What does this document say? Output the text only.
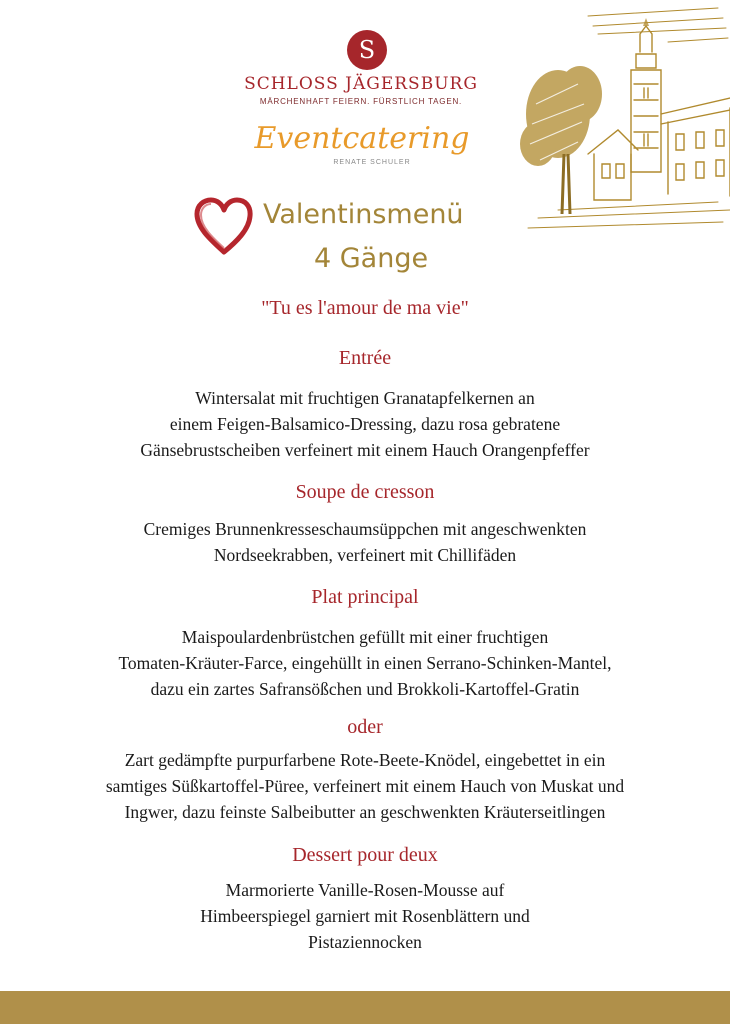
S
SCHLOSS JÄGERSBURG
MÄRCHENHAFT FEIERN. FÜRSTLICH TAGEN.
Eventcatering
RENATE SCHULER
Valentinsmenü
4 Gänge
"Tu es l'amour de ma vie"
Entrée
Wintersalat mit fruchtigen Granatapfelkernen an
einem Feigen-Balsamico-Dressing, dazu rosa gebratene
Gänsebrustscheiben verfeinert mit einem Hauch Orangenpfeffer
Soupe de cresson
Cremiges Brunnenkresseschaumsüppchen mit angeschwenkten
Nordseekrabben, verfeinert mit Chillifäden
Plat principal
Maispoulardenbrüstchen gefüllt mit einer fruchtigen
Tomaten-Kräuter-Farce, eingehüllt in einen Serrano-Schinken-Mantel,
dazu ein zartes Safransößchen und Brokkoli-Kartoffel-Gratin
oder
Zart gedämpfte purpurfarbene Rote-Beete-Knödel, eingebettet in ein
samtiges Süßkartoffel-Püree, verfeinert mit einem Hauch von Muskat und
Ingwer, dazu feinste Salbeibutter an geschwenkten Kräuterseitlingen
Dessert pour deux
Marmorierte Vanille-Rosen-Mousse auf
Himbeerspiegel garniert mit Rosenblättern und
Pistaziennocken
